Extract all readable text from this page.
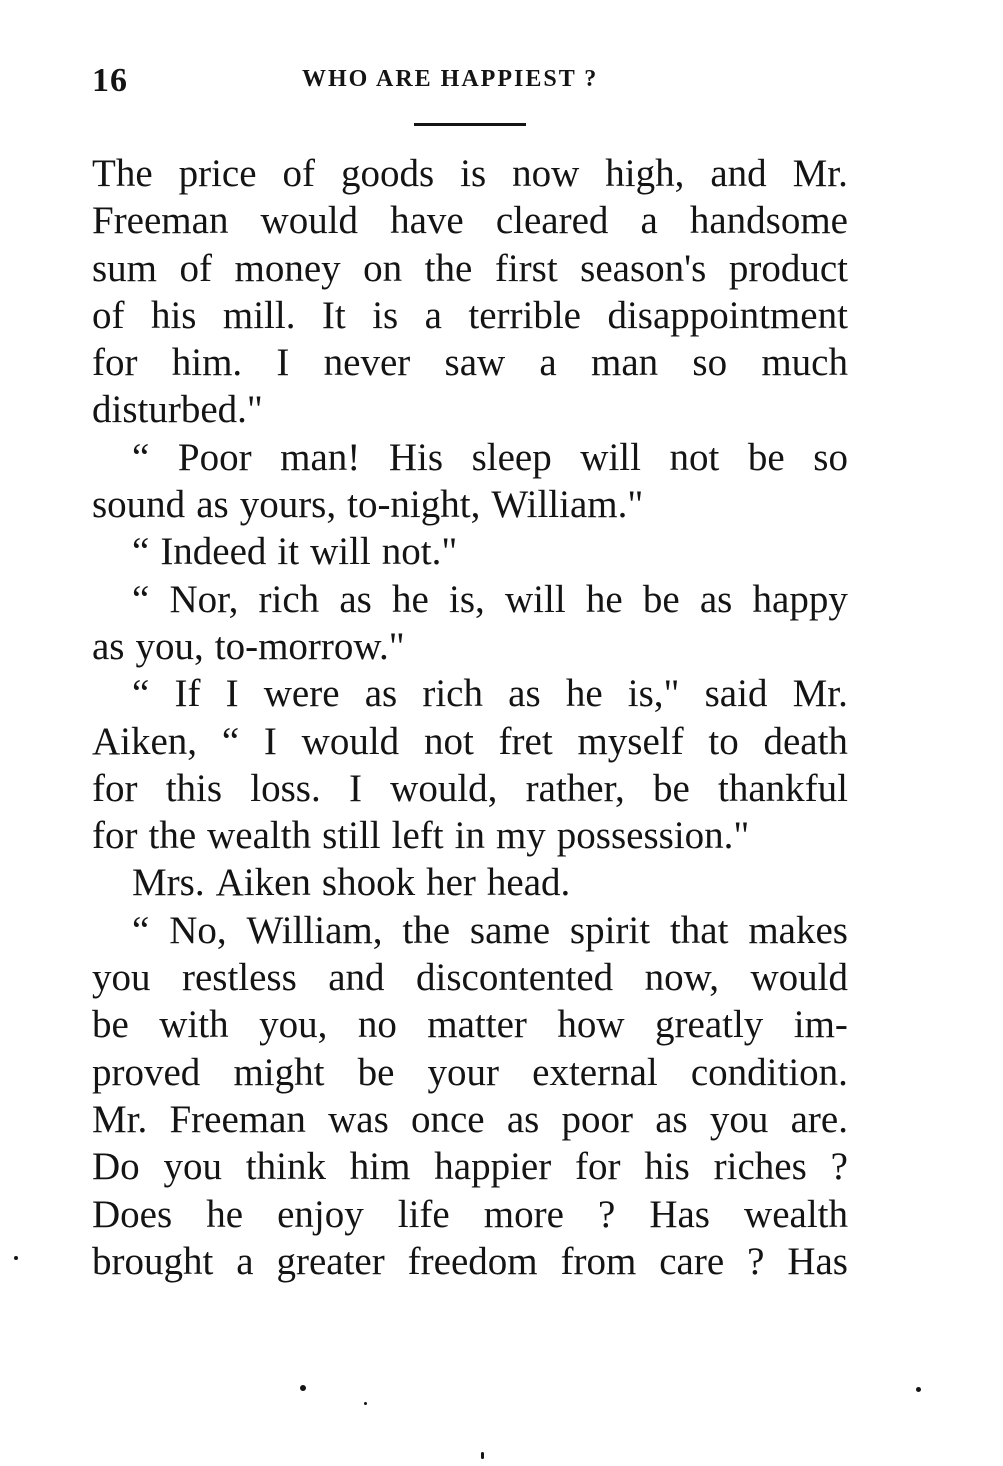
16	WHO ARE HAPPIEST ?
The price of goods is now high, and Mr.
Freeman would have cleared a handsome
sum of money on the first season's product
of his mill. It is a terrible disappointment
for him. I never saw a man so much
disturbed."
“ Poor man! His sleep will not be so
sound as yours, to-night, William."
“ Indeed it will not."
“ Nor, rich as he is, will he be as happy
as you, to-morrow."
“ If I were as rich as he is," said Mr.
Aiken, “ I would not fret myself to death
for this loss. I would, rather, be thankful
for the wealth still left in my possession."
Mrs. Aiken shook her head.
“ No, William, the same spirit that makes
you restless and discontented now, would
be with you, no matter how greatly im-
proved might be your external condition.
Mr. Freeman was once as poor as you are.
Do you think him happier for his riches ?
Does he enjoy life more ? Has wealth
brought a greater freedom from care ? Has
